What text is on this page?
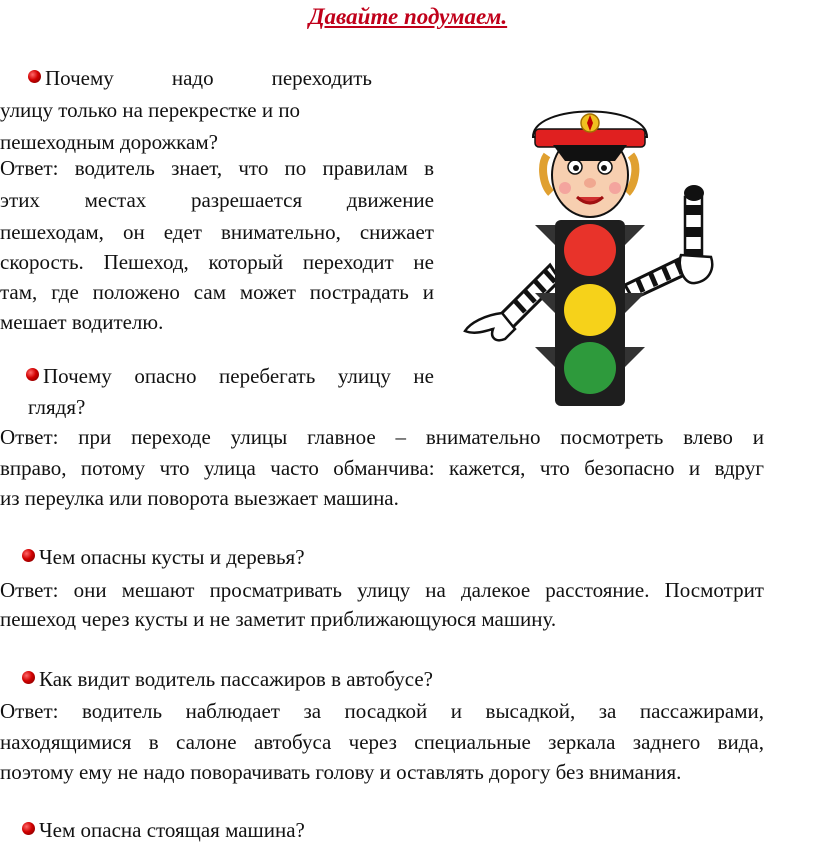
Давайте подумаем.
Почему надо переходить
улицу только на перекрестке и по
пешеходным дорожкам?
Ответ: водитель знает, что по правилам в
этих местах разрешается движение
пешеходам, он едет внимательно, снижает
скорость. Пешеход, который переходит не
там, где положено сам может пострадать и
мешает водителю.
Почему опасно перебегать улицу не
глядя?
Ответ: при переходе улицы главное – внимательно посмотреть влево и
вправо, потому что улица часто обманчива: кажется, что безопасно и вдруг
из переулка или поворота выезжает машина.
Чем опасны кусты и деревья?
Ответ: они мешают просматривать улицу на далекое расстояние. Посмотрит
пешеход через кусты и не заметит приближающуюся машину.
Как видит водитель пассажиров в автобусе?
Ответ: водитель наблюдает за посадкой и высадкой, за пассажирами,
находящимися в салоне автобуса через специальные зеркала заднего вида,
поэтому ему не надо поворачивать голову и оставлять дорогу без внимания.
Чем опасна стоящая машина?
